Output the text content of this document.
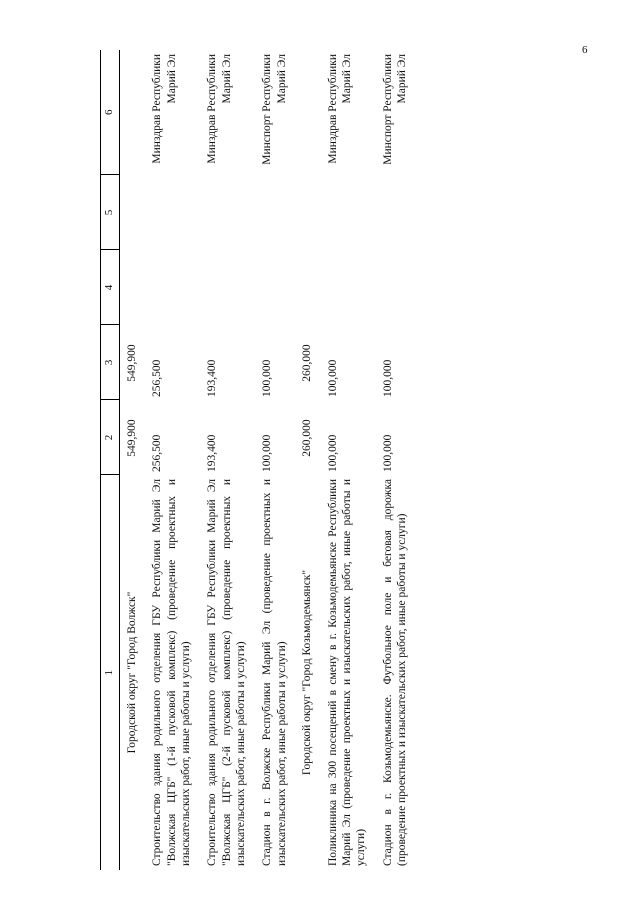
6
1	2	3	4	5	6
Городской округ "Город Волжск"	549,900	549,900			
Строительство здания родильного отделения ГБУ Республики Марий Эл "Волжская ЦГБ" (1-й пусковой комплекс) (проведение проектных и изыскательских работ, иные работы и услуги)	256,500	256,500			Минздрав Республики Марий Эл
Строительство здания родильного отделения ГБУ Республики Марий Эл "Волжская ЦГБ" (2-й пусковой комплекс) (проведение проектных и изыскательских работ, иные работы и услуги)	193,400	193,400			Минздрав Республики Марий Эл
Стадион в г. Волжске Республики Марий Эл (проведение проектных и изыскательских работ, иные работы и услуги)	100,000	100,000			Минспорт Республики Марий Эл
Городской округ "Город Козьмодемьянск"	260,000	260,000			
Поликлиника на 300 посещений в смену в г. Козьмодемьянске Республики Марий Эл (проведение проектных и изыскательских работ, иные работы и услуги)	100,000	100,000			Минздрав Республики Марий Эл
Стадион в г. Козьмодемьянске. Футбольное поле и беговая дорожка (проведение проектных и изыскательских работ, иные работы и услуги)	100,000	100,000			Минспорт Республики Марий Эл
